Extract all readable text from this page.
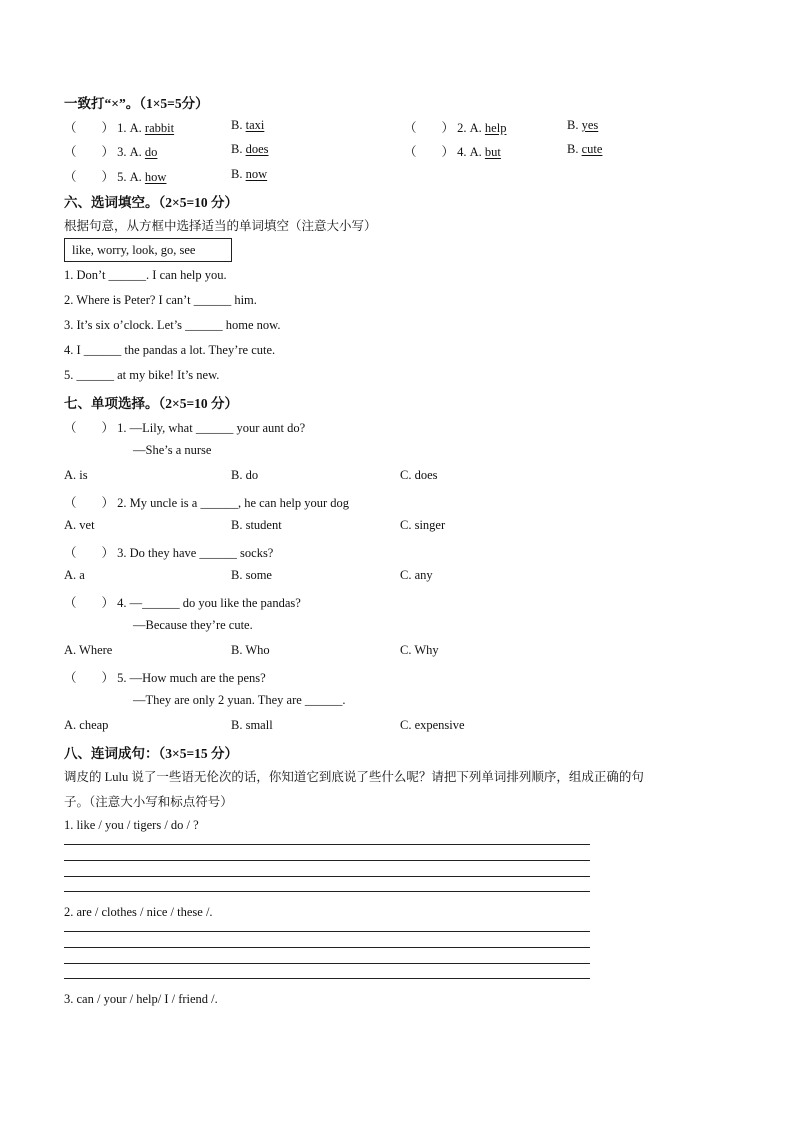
一致打“×”。（1×5=5分）
（　　） 1. A. rabbit	B. taxi	（　　） 2. A. help	B. yes
（　　） 3. A. do	B. does	（　　） 4. A. but	B. cute
（　　） 5. A. how	B. now
六、选词填空。（2×5=10 分）
根据句意，从方框中选择适当的单词填空（注意大小写）
like, worry, look, go, see
1. Don’t ______. I can help you.
2. Where is Peter? I can’t ______ him.
3. It’s six o’clock. Let’s ______ home now.
4. I ______ the pandas a lot. They’re cute.
5. ______ at my bike! It’s new.
七、单项选择。（2×5=10 分）
（　　） 1. —Lily, what ______ your aunt do?
—She’s a nurse
A. is	B. do	C. does
（　　） 2. My uncle is a ______, he can help your dog
A. vet	B. student	C. singer
（　　） 3. Do they have ______ socks?
A. a	B. some	C. any
（　　） 4. —______ do you like the pandas?
—Because they’re cute.
A. Where	B. Who	C. Why
（　　） 5. —How much are the pens?
—They are only 2 yuan. They are ______.
A. cheap	B. small	C. expensive
八、连词成句：（3×5=15 分）
调皮的 Lulu 说了一些语无伦次的话，你知道它到底说了些什么呢？请把下列单词排列顺序，组成正确的句
子。（注意大小写和标点符号）
1. like / you / tigers / do / ?
2. are / clothes / nice / these /.
3. can / your / help/ I / friend /.
